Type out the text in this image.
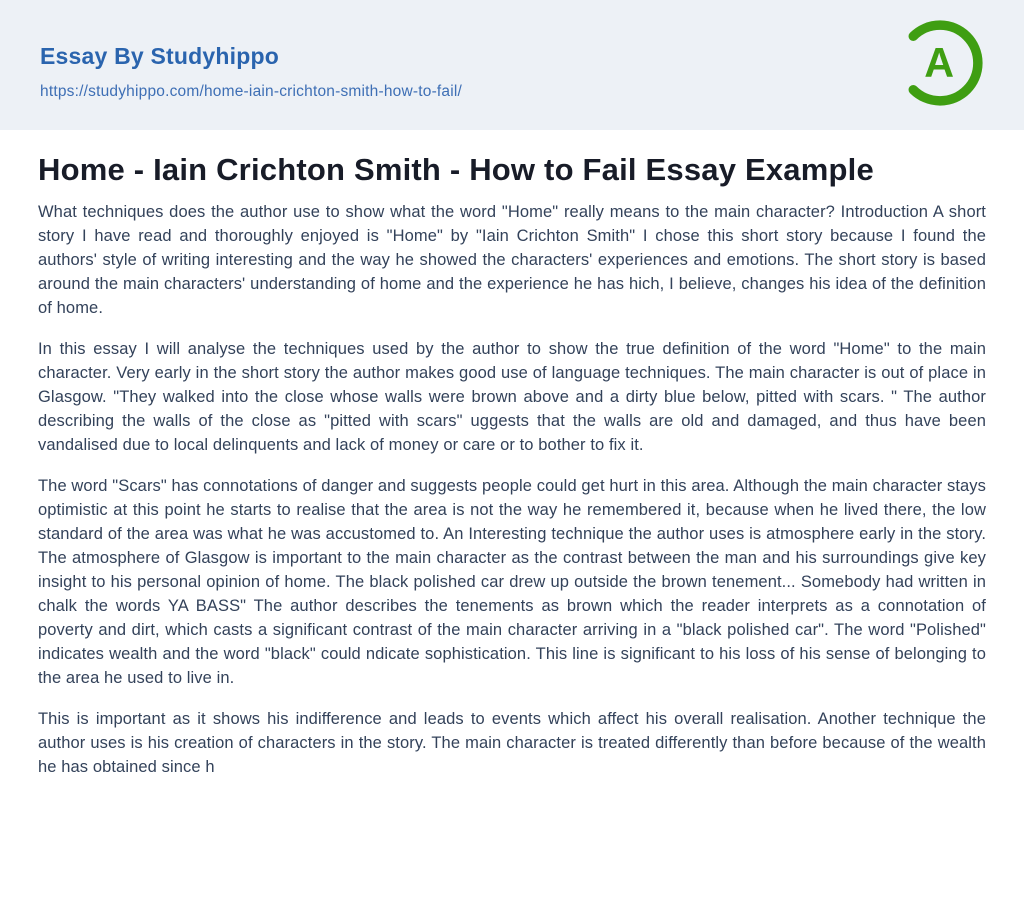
Essay By Studyhippo
https://studyhippo.com/home-iain-crichton-smith-how-to-fail/
A
Home - Iain Crichton Smith - How to Fail Essay Example

What techniques does the author use to show what the word "Home" really means to the main character? Introduction A short story I have read and thoroughly enjoyed is "Home" by "Iain Crichton Smith" I chose this short story because I found the authors' style of writing interesting and the way he showed the characters' experiences and emotions. The short story is based around the main characters' understanding of home and the experience he has hich, I believe, changes his idea of the definition of home.

In this essay I will analyse the techniques used by the author to show the true definition of the word "Home" to the main character. Very early in the short story the author makes good use of language techniques. The main character is out of place in Glasgow. "They walked into the close whose walls were brown above and a dirty blue below, pitted with scars. " The author describing the walls of the close as "pitted with scars" uggests that the walls are old and damaged, and thus have been vandalised due to local delinquents and lack of money or care or to bother to fix it.

The word "Scars" has connotations of danger and suggests people could get hurt in this area. Although the main character stays optimistic at this point he starts to realise that the area is not the way he remembered it, because when he lived there, the low standard of the area was what he was accustomed to. An Interesting technique the author uses is atmosphere early in the story. The atmosphere of Glasgow is important to the main character as the contrast between the man and his surroundings give key insight to his personal opinion of home. The black polished car drew up outside the brown tenement... Somebody had written in chalk the words YA BASS" The author describes the tenements as brown which the reader interprets as a connotation of poverty and dirt, which casts a significant contrast of the main character arriving in a "black polished car". The word "Polished" indicates wealth and the word "black" could ndicate sophistication. This line is significant to his loss of his sense of belonging to the area he used to live in.

This is important as it shows his indifference and leads to events which affect his overall realisation. Another technique the author uses is his creation of characters in the story. The main character is treated differently than before because of the wealth he has obtained since h
